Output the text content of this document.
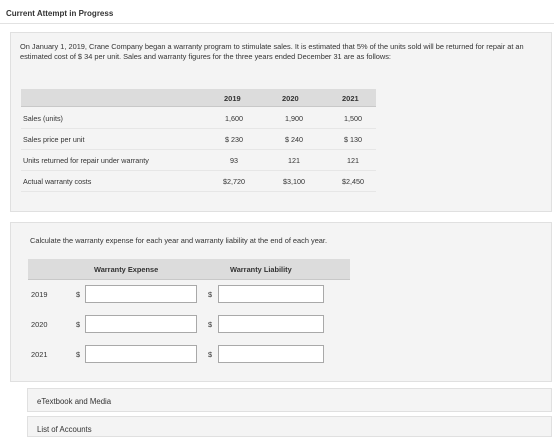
Current Attempt in Progress
On January 1, 2019, Crane Company began a warranty program to stimulate sales. It is estimated that 5% of the units sold will be returned for repair at an estimated cost of $ 34 per unit. Sales and warranty figures for the three years ended December 31 are as follows:
2019	2020	2021
Sales (units)	1,600	1,900	1,500
Sales price per unit	$ 230	$ 240	$ 130
Units returned for repair under warranty	93	121	121
Actual warranty costs	$2,720	$3,100	$2,450
Calculate the warranty expense for each year and warranty liability at the end of each year.
Warranty Expense	Warranty Liability
2019	$	$
2020	$	$
2021	$	$
eTextbook and Media
List of Accounts
